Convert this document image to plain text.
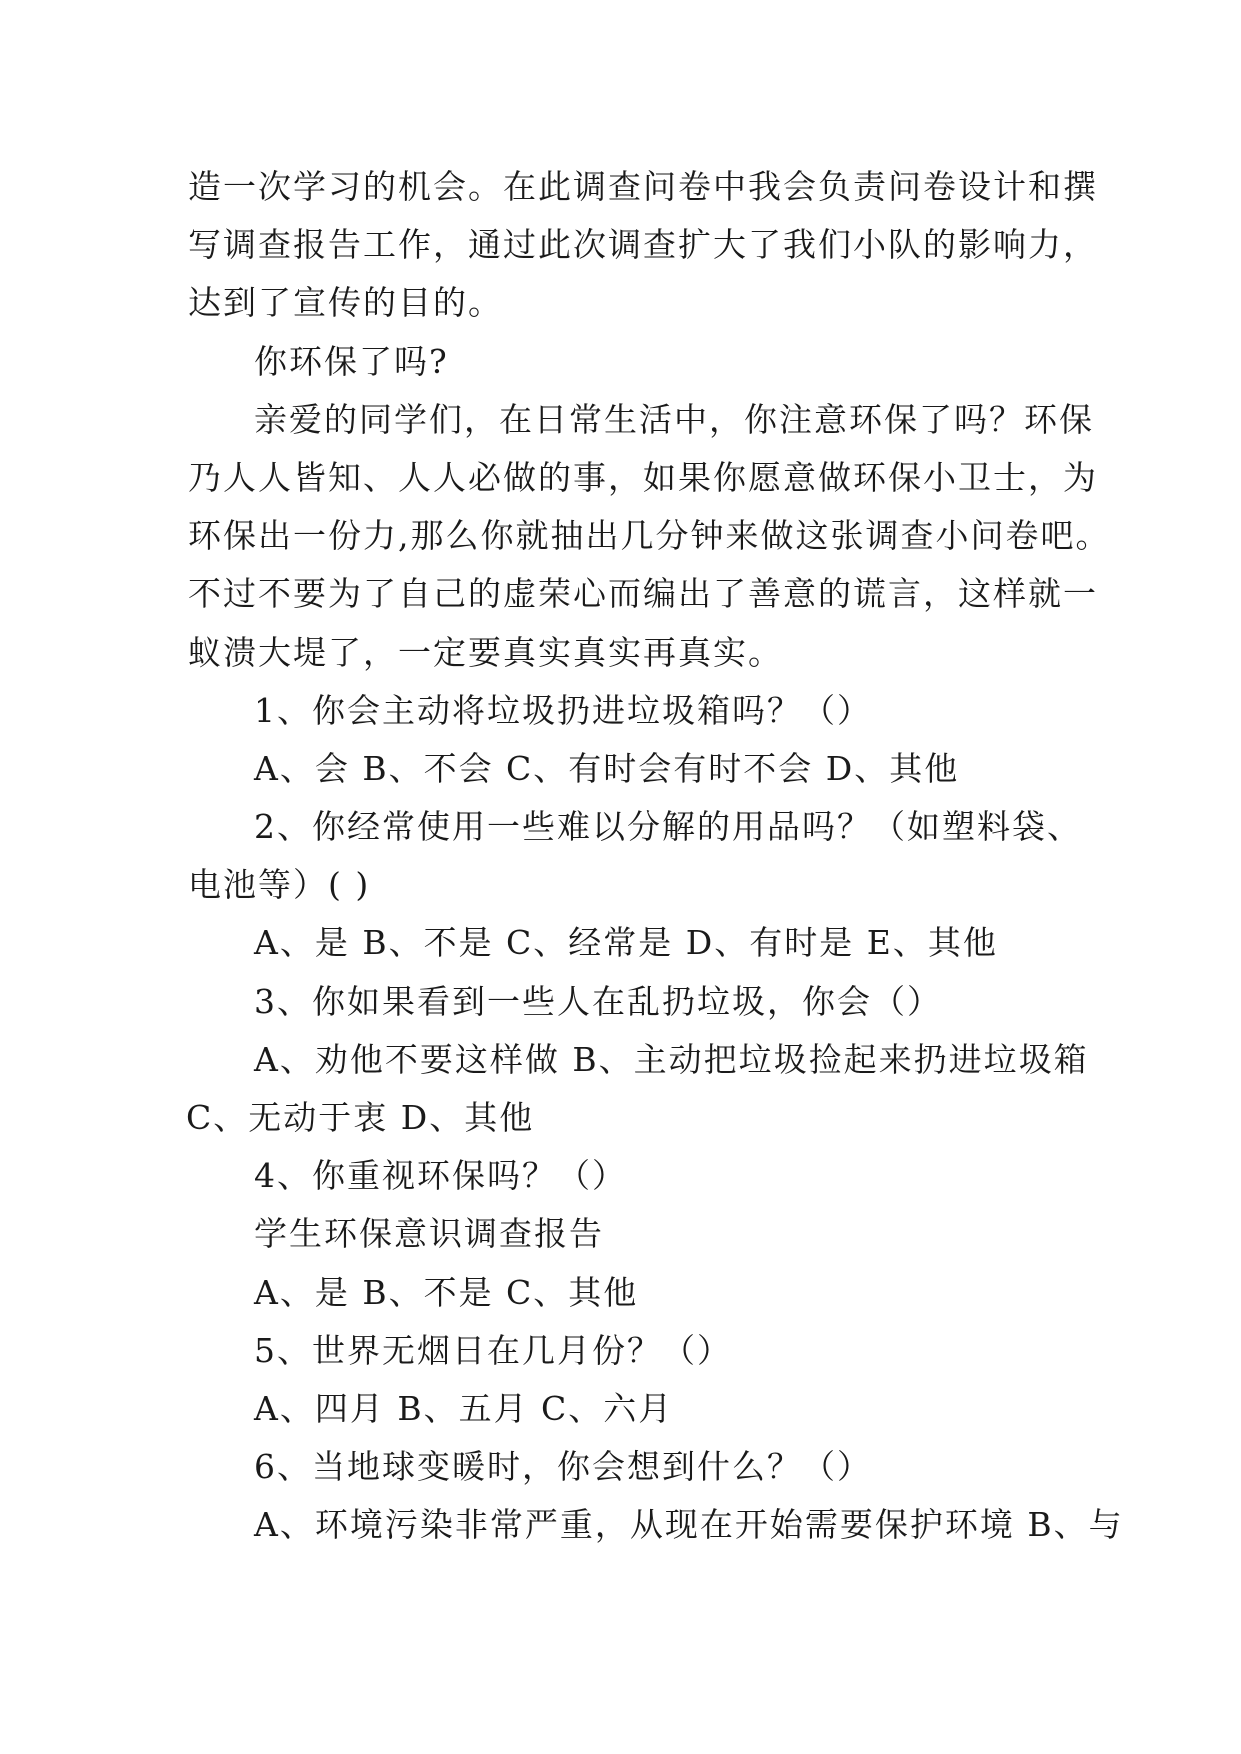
造一次学习的机会。在此调查问卷中我会负责问卷设计和撰

写调查报告工作，通过此次调查扩大了我们小队的影响力，

达到了宣传的目的。

你环保了吗?

亲爱的同学们，在日常生活中，你注意环保了吗？环保

乃人人皆知、人人必做的事，如果你愿意做环保小卫士，为

环保出一份力,那么你就抽出几分钟来做这张调查小问卷吧。

不过不要为了自己的虚荣心而编出了善意的谎言，这样就一

蚁溃大堤了，一定要真实真实再真实。

1、你会主动将垃圾扔进垃圾箱吗？（）

A、会 B、不会 C、有时会有时不会 D、其他

2、你经常使用一些难以分解的用品吗？（如塑料袋、

电池等）( )

A、是 B、不是 C、经常是 D、有时是 E、其他

3、你如果看到一些人在乱扔垃圾，你会（）

A、劝他不要这样做 B、主动把垃圾捡起来扔进垃圾箱

C、无动于衷 D、其他

4、你重视环保吗？（）

学生环保意识调查报告

A、是 B、不是 C、其他

5、世界无烟日在几月份？（）

A、四月 B、五月 C、六月

6、当地球变暖时，你会想到什么？（）

A、环境污染非常严重，从现在开始需要保护环境 B、与
